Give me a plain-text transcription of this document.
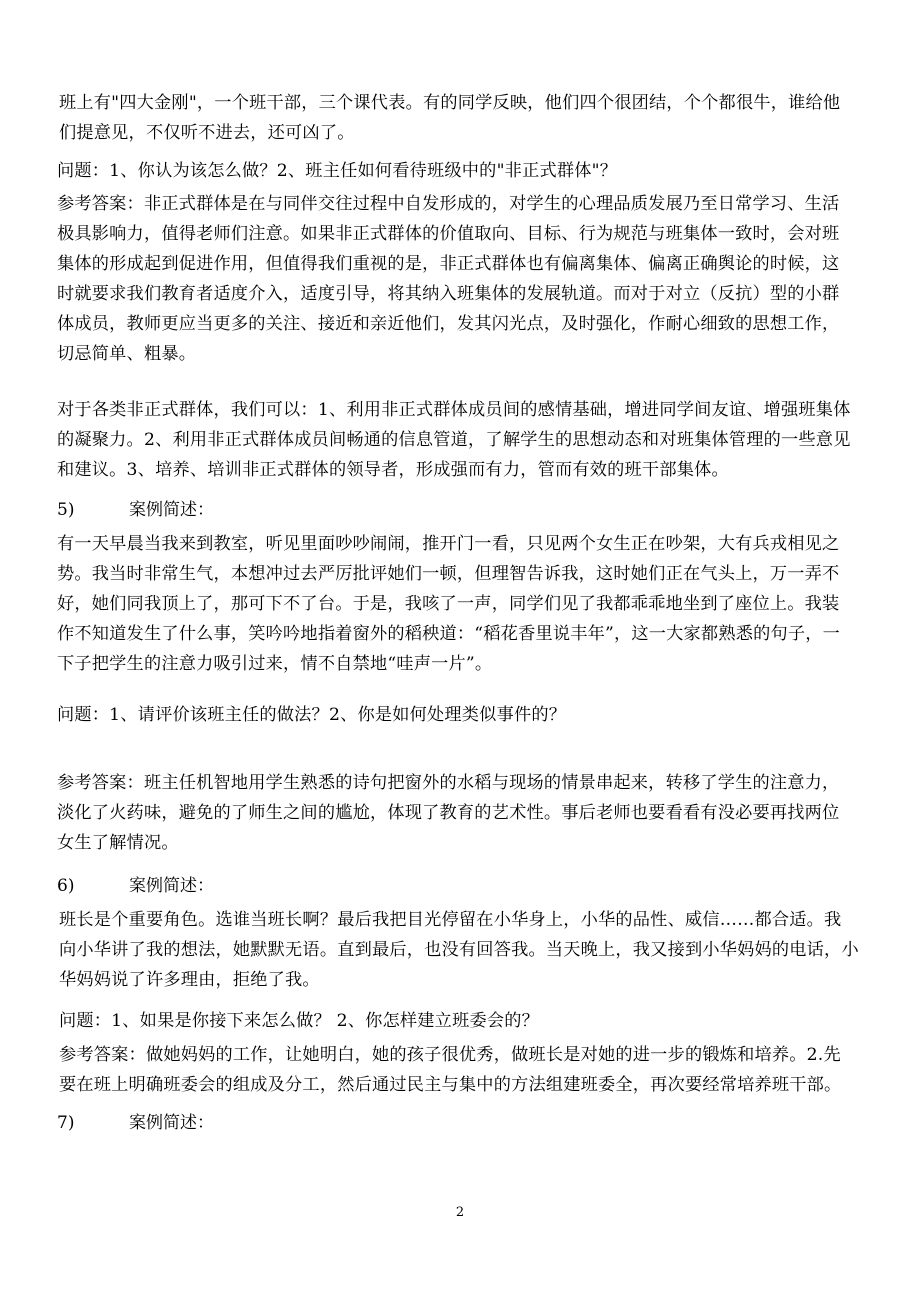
班上有"四大金刚"，一个班干部，三个课代表。有的同学反映，他们四个很团结，个个都很牛，谁给他
们提意见，不仅听不进去，还可凶了。
问题：1、你认为该怎么做？2、班主任如何看待班级中的"非正式群体"？
参考答案：非正式群体是在与同伴交往过程中自发形成的，对学生的心理品质发展乃至日常学习、生活
极具影响力，值得老师们注意。如果非正式群体的价值取向、目标、行为规范与班集体一致时，会对班
集体的形成起到促进作用，但值得我们重视的是，非正式群体也有偏离集体、偏离正确舆论的时候，这
时就要求我们教育者适度介入，适度引导，将其纳入班集体的发展轨道。而对于对立（反抗）型的小群
体成员，教师更应当更多的关注、接近和亲近他们，发其闪光点，及时强化，作耐心细致的思想工作，
切忌简单、粗暴。
对于各类非正式群体，我们可以：1、利用非正式群体成员间的感情基础，增进同学间友谊、增强班集体
的凝聚力。2、利用非正式群体成员间畅通的信息管道，了解学生的思想动态和对班集体管理的一些意见
和建议。3、培养、培训非正式群体的领导者，形成强而有力，管而有效的班干部集体。
5)	案例简述：
有一天早晨当我来到教室，听见里面吵吵闹闹，推开门一看，只见两个女生正在吵架，大有兵戎相见之
势。我当时非常生气，本想冲过去严厉批评她们一顿，但理智告诉我，这时她们正在气头上，万一弄不
好，她们同我顶上了，那可下不了台。于是，我咳了一声，同学们见了我都乖乖地坐到了座位上。我装
作不知道发生了什么事，笑吟吟地指着窗外的稻秧道：“稻花香里说丰年”，这一大家都熟悉的句子，一
下子把学生的注意力吸引过来，情不自禁地“哇声一片”。
问题：1、请评价该班主任的做法？2、你是如何处理类似事件的？
参考答案：班主任机智地用学生熟悉的诗句把窗外的水稻与现场的情景串起来，转移了学生的注意力，
淡化了火药味，避免的了师生之间的尴尬，体现了教育的艺术性。事后老师也要看看有没必要再找两位
女生了解情况。
6)	案例简述：
班长是个重要角色。选谁当班长啊？最后我把目光停留在小华身上，小华的品性、威信……都合适。我
向小华讲了我的想法，她默默无语。直到最后，也没有回答我。当天晚上，我又接到小华妈妈的电话，小
华妈妈说了许多理由，拒绝了我。
问题：1、如果是你接下来怎么做？ 2、你怎样建立班委会的？
参考答案：做她妈妈的工作，让她明白，她的孩子很优秀，做班长是对她的进一步的锻炼和培养。2.先
要在班上明确班委会的组成及分工，然后通过民主与集中的方法组建班委全，再次要经常培养班干部。
7)	案例简述：
2
